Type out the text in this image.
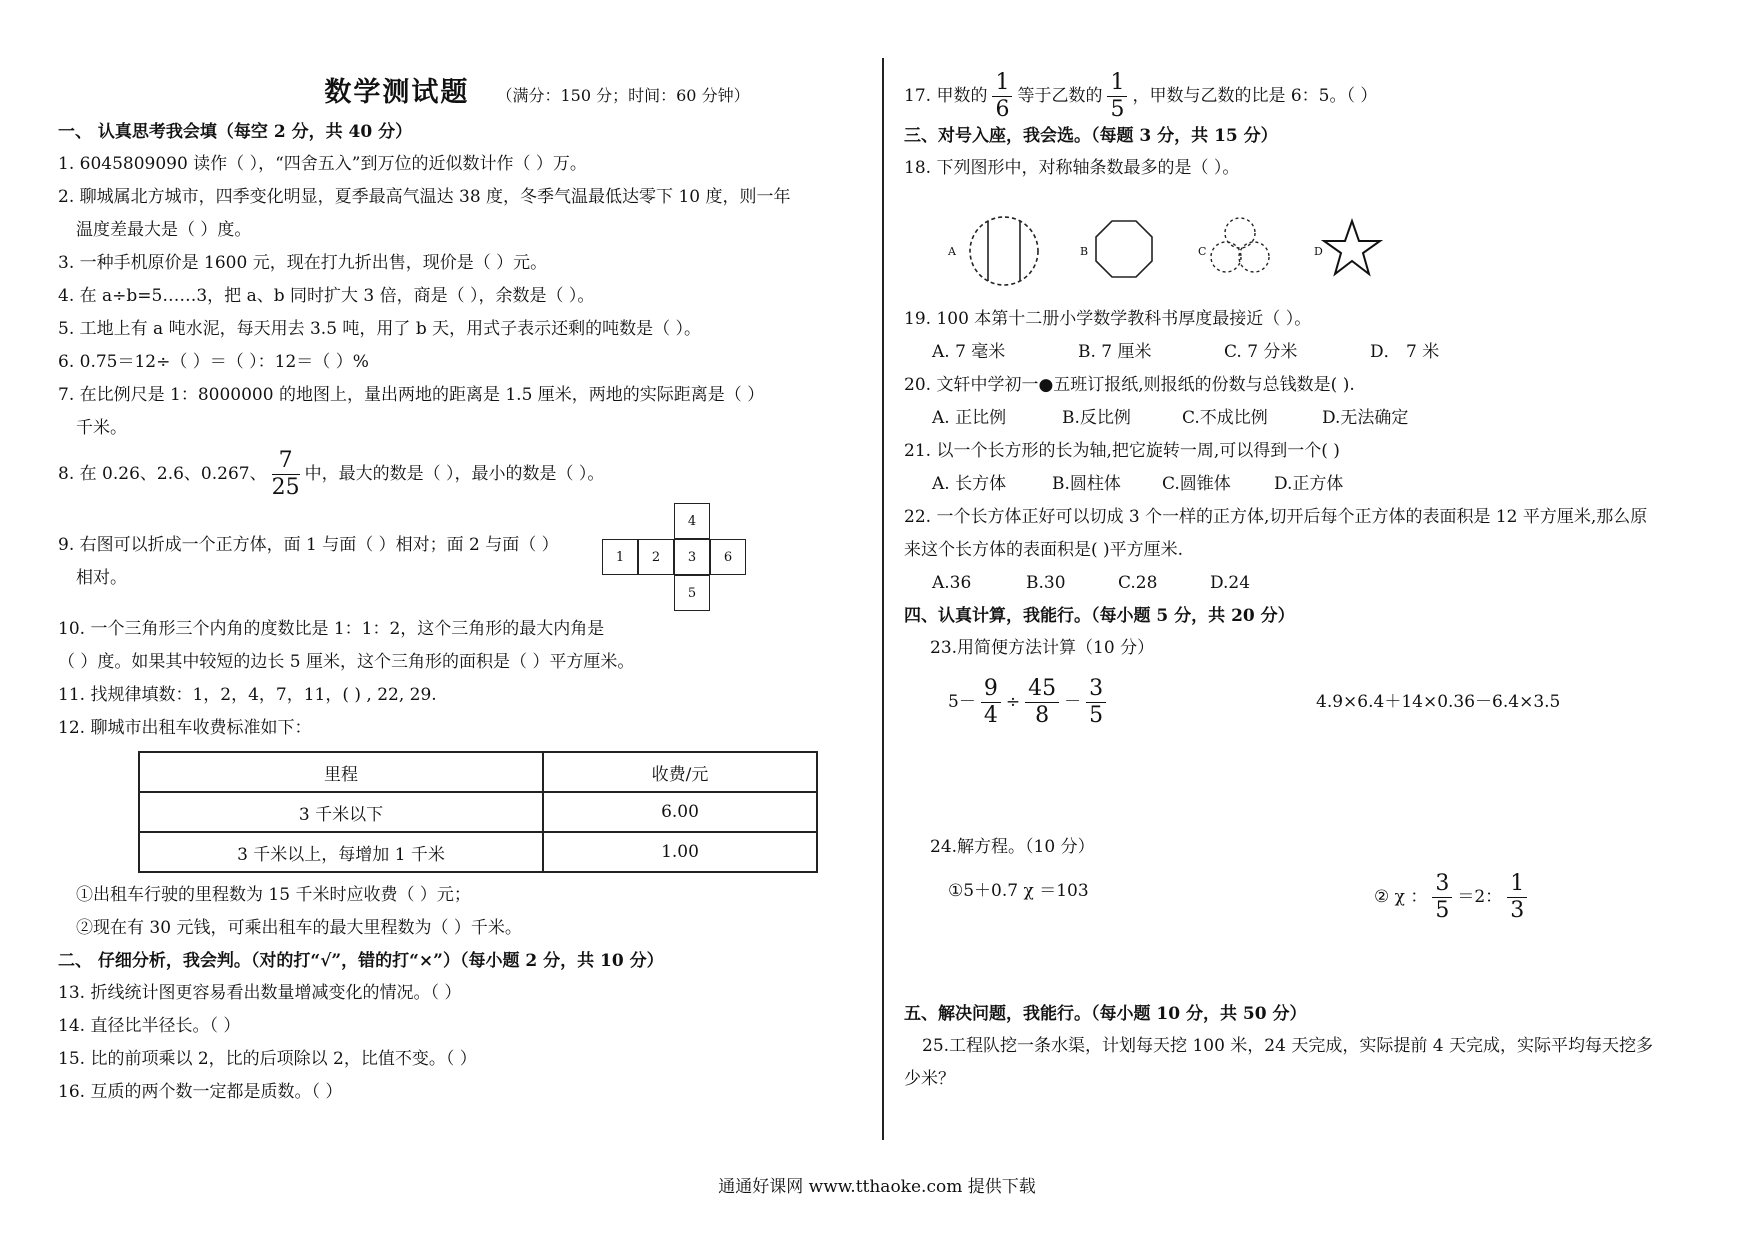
数学测试题 （满分：150 分；时间：60 分钟）
一、 认真思考我会填（每空 2 分，共 40 分）
1. 6045809090 读作（ ），“四舍五入”到万位的近似数计作（ ）万。
2. 聊城属北方城市，四季变化明显，夏季最高气温达 38 度，冬季气温最低达零下 10 度，则一年
温度差最大是（ ）度。
3. 一种手机原价是 1600 元，现在打九折出售，现价是（ ）元。
4. 在 a÷b=5……3，把 a、b 同时扩大 3 倍，商是（ ），余数是（ ）。
5. 工地上有 a 吨水泥，每天用去 3.5 吨，用了 b 天，用式子表示还剩的吨数是（ ）。
6. 0.75＝12÷（ ）＝（ ）：12＝（ ）%
7. 在比例尺是 1：8000000 的地图上，量出两地的距离是 1.5 厘米，两地的实际距离是（ ）
千米。
8. 在 0.26、2.6、0.267、 $\frac{7}{25}$ 中，最大的数是（ ），最小的数是（ ）。
9. 右图可以折成一个正方体，面 1 与面（ ）相对；面 2 与面（ ）
相对。
4
1	2	3	6
5
10. 一个三角形三个内角的度数比是 1：1：2，这个三角形的最大内角是
（ ）度。如果其中较短的边长 5 厘米，这个三角形的面积是（ ）平方厘米。
11. 找规律填数：1，2，4，7，11，( ) , 22, 29.
12. 聊城市出租车收费标准如下：
里程	收费/元
3 千米以下	6.00
3 千米以上，每增加 1 千米	1.00
①出租车行驶的里程数为 15 千米时应收费（ ）元；
②现在有 30 元钱，可乘出租车的最大里程数为（ ）千米。
二、 仔细分析，我会判。（对的打“√”，错的打“×”）（每小题 2 分，共 10 分）
13. 折线统计图更容易看出数量增减变化的情况。（ ）
14. 直径比半径长。（ ）
15. 比的前项乘以 2，比的后项除以 2，比值不变。（ ）
16. 互质的两个数一定都是质数。（ ）
17. 甲数的 $\frac{1}{6}$ 等于乙数的 $\frac{1}{5}$ ，甲数与乙数的比是 6：5。（ ）
三、对号入座，我会选。（每题 3 分，共 15 分）
18. 下列图形中，对称轴条数最多的是（ ）。
A	B	C	D
19. 100 本第十二册小学数学教科书厚度最接近（ ）。
A. 7 毫米	B. 7 厘米	C. 7 分米	D． 7 米
20. 文轩中学初一●五班订报纸,则报纸的份数与总钱数是( ).
A. 正比例	B.反比例	C.不成比例	D.无法确定
21. 以一个长方形的长为轴,把它旋转一周,可以得到一个( )
A. 长方体	B.圆柱体 C.圆锥体	D.正方体
22. 一个长方体正好可以切成 3 个一样的正方体,切开后每个正方体的表面积是 12 平方厘米,那么原
来这个长方体的表面积是( )平方厘米.
A.36	B.30	C.28	D.24
四、认真计算，我能行。（每小题 5 分，共 20 分）
23.用简便方法计算（10 分）
$5- \frac{9}{4} \div \frac{45}{8} - \frac{3}{5}$	4.9×6.4＋14×0.36－6.4×3.5
24.解方程。（10 分）
①5＋0.7 χ ＝103	② χ ： $\frac{3}{5} =2$： $\frac{1}{3}$
五、解决问题，我能行。（每小题 10 分，共 50 分）
25.工程队挖一条水渠，计划每天挖 100 米，24 天完成，实际提前 4 天完成，实际平均每天挖多
少米？
通通好课网 www.tthaoke.com 提供下载
